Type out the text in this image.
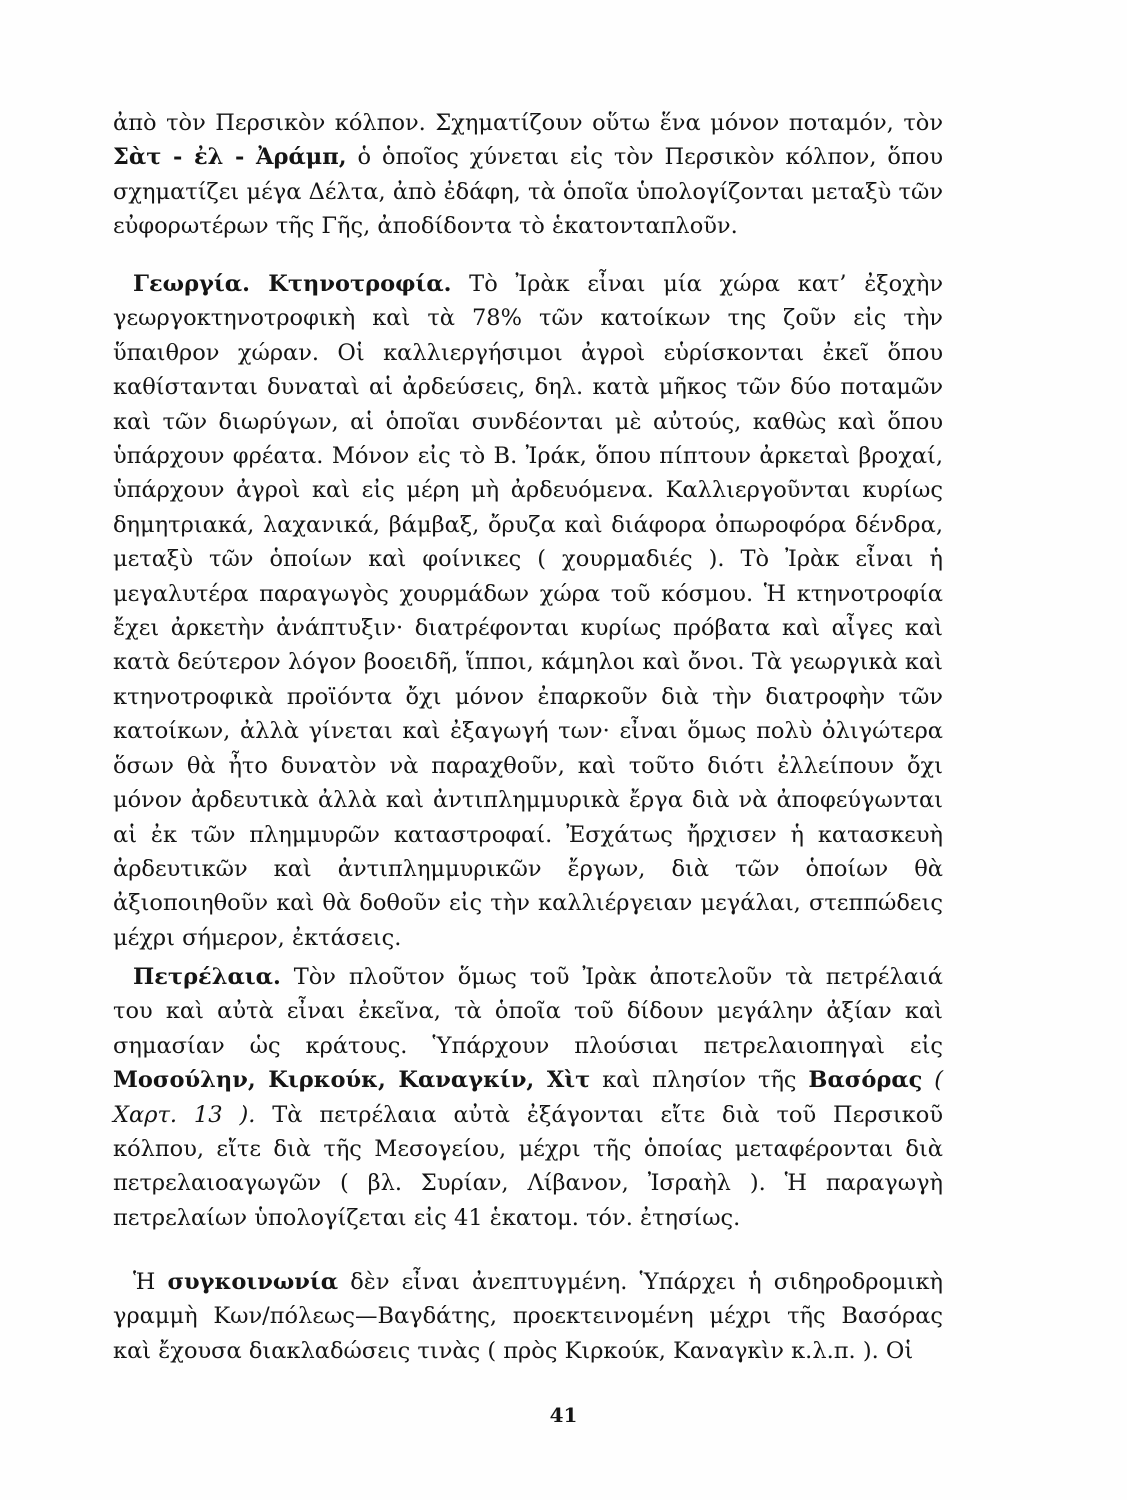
ἀπὸ τὸν Περσικὸν κόλπον. Σχηματίζουν οὕτω ἕνα μόνον ποταμόν, τὸν Σὰτ - ἐλ - Ἀράμπ, ὁ ὁποῖος χύνεται εἰς τὸν Περσικὸν κόλπον, ὅπου σχηματίζει μέγα Δέλτα, ἀπὸ ἐδάφη, τὰ ὁποῖα ὑπολογίζονται μεταξὺ τῶν εὐφορωτέρων τῆς Γῆς, ἀποδίδοντα τὸ ἑκατονταπλοῦν.

Γεωργία. Κτηνοτροφία. Τὸ Ἰρὰκ εἶναι μία χώρα κατ’ ἐξοχὴν γεωργοκτηνοτροφικὴ καὶ τὰ 78% τῶν κατοίκων της ζοῦν εἰς τὴν ὕπαιθρον χώραν. Οἱ καλλιεργήσιμοι ἀγροὶ εὑρίσκονται ἐκεῖ ὅπου καθίστανται δυναταὶ αἱ ἀρδεύσεις, δηλ. κατὰ μῆκος τῶν δύο ποταμῶν καὶ τῶν διωρύγων, αἱ ὁποῖαι συνδέονται μὲ αὐτούς, καθὼς καὶ ὅπου ὑπάρχουν φρέατα. Μόνον εἰς τὸ Β. Ἰράκ, ὅπου πίπτουν ἀρκεταὶ βροχαί, ὑπάρχουν ἀγροὶ καὶ εἰς μέρη μὴ ἀρδευόμενα. Καλλιεργοῦνται κυρίως δημητριακά, λαχανικά, βάμβαξ, ὄρυζα καὶ διάφορα ὀπωροφόρα δένδρα, μεταξὺ τῶν ὁποίων καὶ φοίνικες ( χουρμαδιές ). Τὸ Ἰρὰκ εἶναι ἡ μεγαλυτέρα παραγωγὸς χουρμάδων χώρα τοῦ κόσμου. Ἡ κτηνοτροφία ἔχει ἀρκετὴν ἀνάπτυξιν· διατρέφονται κυρίως πρόβατα καὶ αἶγες καὶ κατὰ δεύτερον λόγον βοοειδῆ, ἵπποι, κάμηλοι καὶ ὄνοι. Τὰ γεωργικὰ καὶ κτηνοτροφικὰ προϊόντα ὄχι μόνον ἐπαρκοῦν διὰ τὴν διατροφὴν τῶν κατοίκων, ἀλλὰ γίνεται καὶ ἐξαγωγή των· εἶναι ὅμως πολὺ ὀλιγώτερα ὅσων θὰ ἦτο δυνατὸν νὰ παραχθοῦν, καὶ τοῦτο διότι ἐλλείπουν ὄχι μόνον ἀρδευτικὰ ἀλλὰ καὶ ἀντιπλημμυρικὰ ἔργα διὰ νὰ ἀποφεύγωνται αἱ ἐκ τῶν πλημμυρῶν καταστροφαί. Ἐσχάτως ἤρχισεν ἡ κατασκευὴ ἀρδευτικῶν καὶ ἀντιπλημμυρικῶν ἔργων, διὰ τῶν ὁποίων θὰ ἀξιοποιηθοῦν καὶ θὰ δοθοῦν εἰς τὴν καλλιέργειαν μεγάλαι, στεππώδεις μέχρι σήμερον, ἐκτάσεις.

Πετρέλαια. Τὸν πλοῦτον ὅμως τοῦ Ἰρὰκ ἀποτελοῦν τὰ πετρέλαιά του καὶ αὐτὰ εἶναι ἐκεῖνα, τὰ ὁποῖα τοῦ δίδουν μεγάλην ἀξίαν καὶ σημασίαν ὡς κράτους. Ὑπάρχουν πλούσιαι πετρελαιοπηγαὶ εἰς Μοσούλην, Κιρκούκ, Καναγκίν, Χὶτ καὶ πλησίον τῆς Βασόρας ( Χαρτ. 13 ). Τὰ πετρέλαια αὐτὰ ἐξάγονται εἴτε διὰ τοῦ Περσικοῦ κόλπου, εἴτε διὰ τῆς Μεσογείου, μέχρι τῆς ὁποίας μεταφέρονται διὰ πετρελαιοαγωγῶν ( βλ. Συρίαν, Λίβανον, Ἰσραὴλ ). Ἡ παραγωγὴ πετρελαίων ὑπολογίζεται εἰς 41 ἑκατομ. τόν. ἐτησίως.

Ἡ συγκοινωνία δὲν εἶναι ἀνεπτυγμένη. Ὑπάρχει ἡ σιδηροδρομικὴ γραμμὴ Κων/πόλεως—Βαγδάτης, προεκτεινομένη μέχρι τῆς Βασόρας καὶ ἔχουσα διακλαδώσεις τινὰς ( πρὸς Κιρκούκ, Καναγκὶν κ.λ.π. ). Οἱ

41
